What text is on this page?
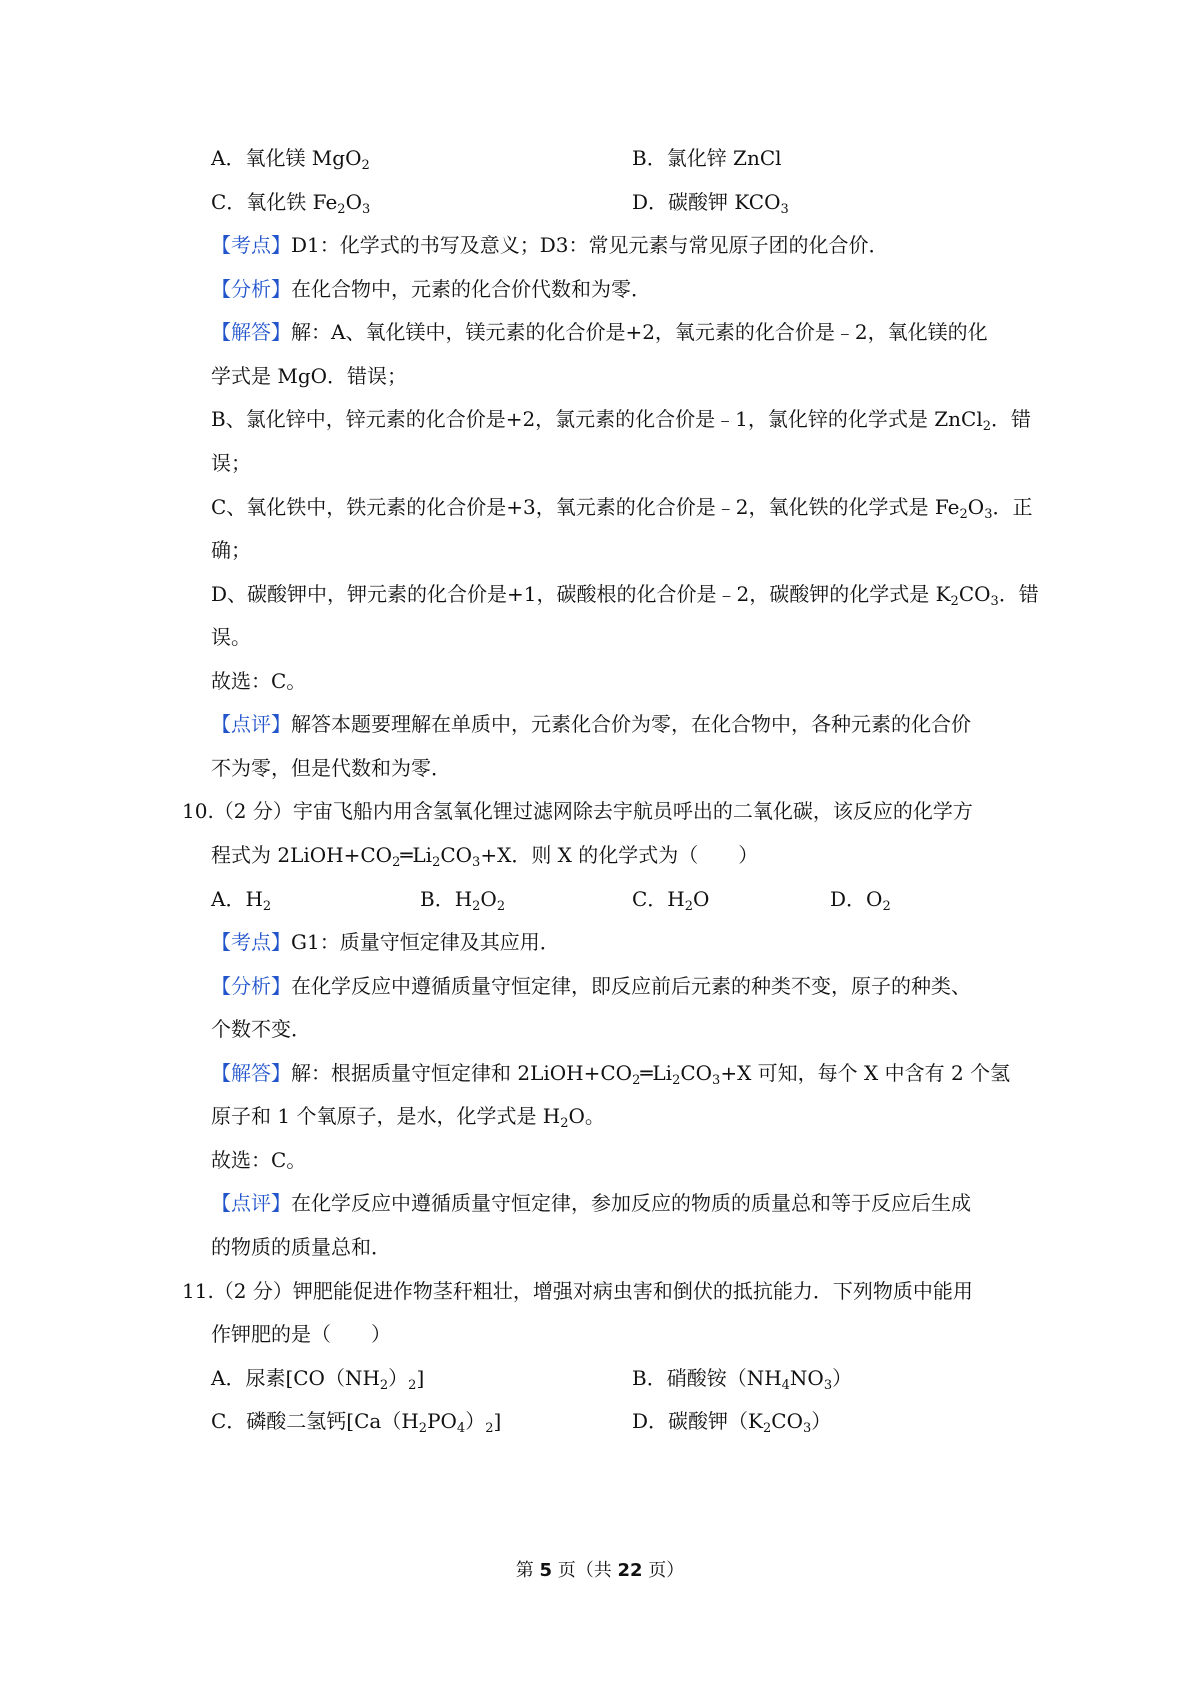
A．氧化镁 MgO$_2$	B．氯化锌 ZnCl
C．氧化铁 $Fe_2O_3$	D．碳酸钾 $KCO_3$
【考点】D1：化学式的书写及意义；D3：常见元素与常见原子团的化合价．
【分析】在化合物中，元素的化合价代数和为零．
【解答】解：A、氧化镁中，镁元素的化合价是+2，氧元素的化合价是﹣2，氧化镁的化
学式是 MgO．错误；
B、氯化锌中，锌元素的化合价是+2，氯元素的化合价是﹣1，氯化锌的化学式是 ZnCl$_2$．错
误；
C、氧化铁中，铁元素的化合价是+3，氧元素的化合价是﹣2，氧化铁的化学式是 $Fe_2O_3$．正
确；
D、碳酸钾中，钾元素的化合价是+1，碳酸根的化合价是﹣2，碳酸钾的化学式是 $K_2CO_3$．错
误。
故选：C。
【点评】解答本题要理解在单质中，元素化合价为零，在化合物中，各种元素的化合价
不为零，但是代数和为零．
10.（2 分）宇宙飞船内用含氢氧化锂过滤网除去宇航员呼出的二氧化碳，该反应的化学方
程式为 $2LiOH+CO_2═Li_2CO_3+X$．则 X 的化学式为（　　）
A．$H_2$	B．$H_2O_2$	C．$H_2O$	D．$O_2$
【考点】G1：质量守恒定律及其应用．
【分析】在化学反应中遵循质量守恒定律，即反应前后元素的种类不变，原子的种类、
个数不变．
【解答】解：根据质量守恒定律和 $2LiOH+CO_2═Li_2CO_3+X$ 可知，每个 X 中含有 2 个氢
原子和 1 个氧原子，是水，化学式是 $H_2O$。
故选：C。
【点评】在化学反应中遵循质量守恒定律，参加反应的物质的质量总和等于反应后生成
的物质的质量总和．
11.（2 分）钾肥能促进作物茎秆粗壮，增强对病虫害和倒伏的抵抗能力．下列物质中能用
作钾肥的是（　　）
A．尿素$[CO(NH_2)_2]$	B．硝酸铵$(NH_4NO_3)$
C．磷酸二氢钙$[Ca(H_2PO_4)_2]$	D．碳酸钾$(K_2CO_3)$
第 5 页（共 22 页）
